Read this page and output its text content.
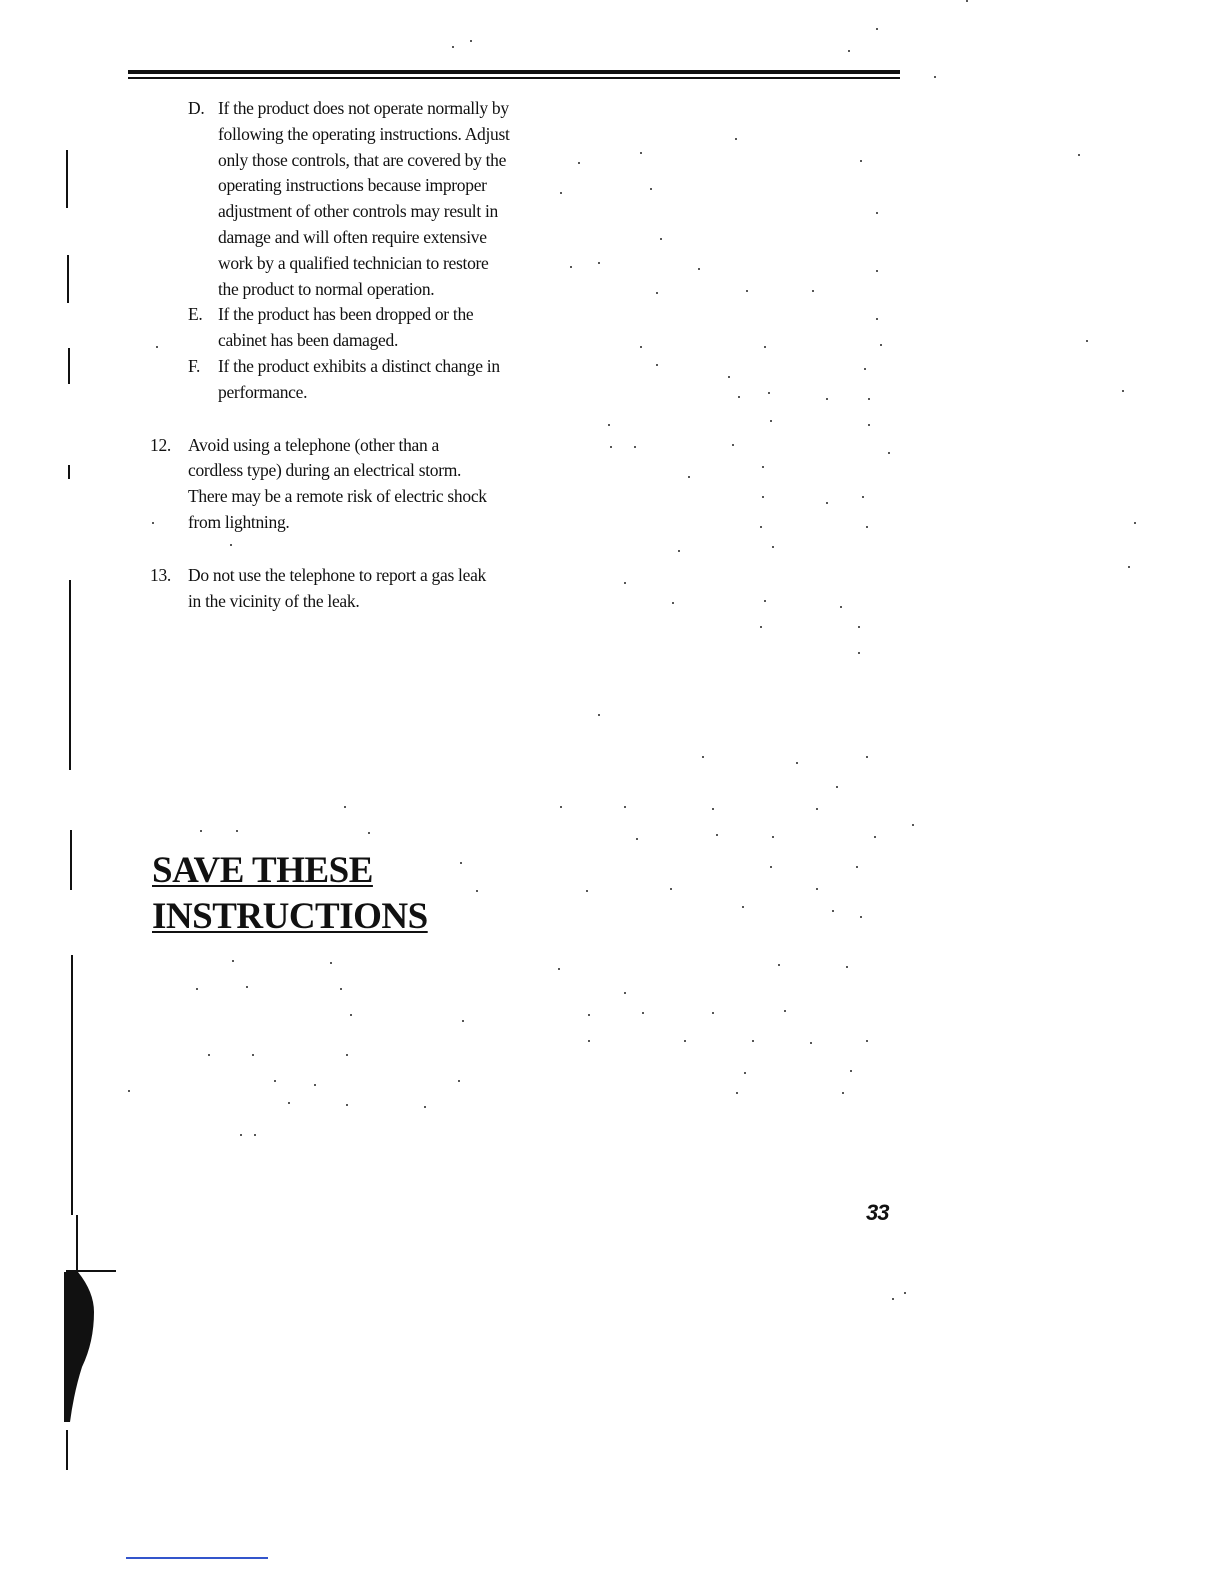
D. If the product does not operate normally by following the operating instructions. Adjust only those controls, that are covered by the operating instructions because improper adjustment of other controls may result in damage and will often require extensive work by a qualified technician to restore the product to normal operation.
E. If the product has been dropped or the cabinet has been damaged.
F.	If the product exhibits a distinct change in performance.
12. Avoid using a telephone (other than a cordless type) during an electrical storm. There may be a remote risk of electric shock from lightning.
13. Do not use the telephone to report a gas leak in the vicinity of the leak.
SAVE THESE
INSTRUCTIONS
33
